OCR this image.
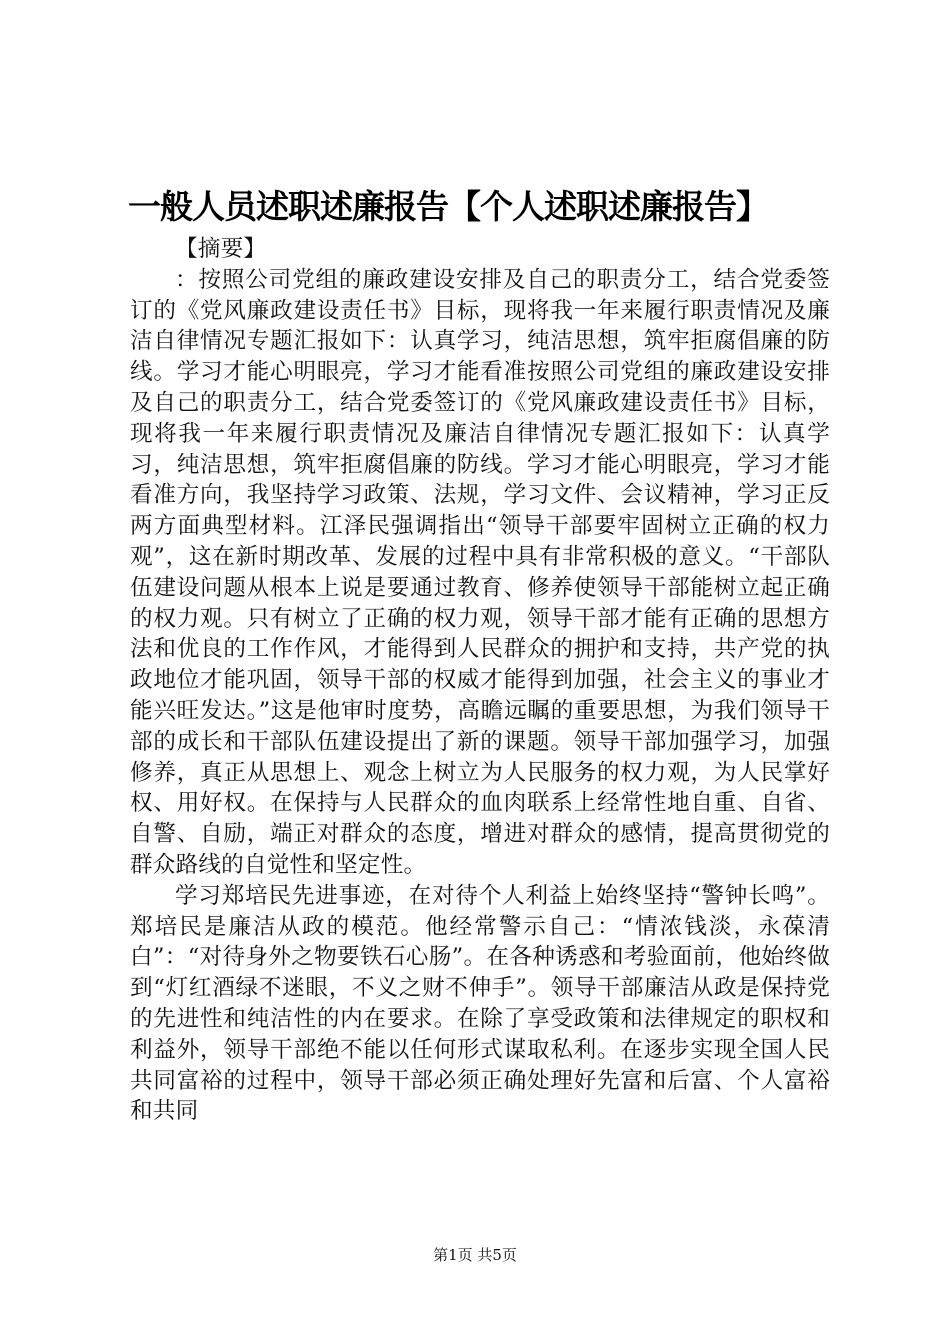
一般人员述职述廉报告【个人述职述廉报告】

【摘要】

：按照公司党组的廉政建设安排及自己的职责分工，结合党委签订的《党风廉政建设责任书》目标，现将我一年来履行职责情况及廉洁自律情况专题汇报如下：认真学习，纯洁思想，筑牢拒腐倡廉的防线。学习才能心明眼亮，学习才能看准按照公司党组的廉政建设安排及自己的职责分工，结合党委签订的《党风廉政建设责任书》目标，现将我一年来履行职责情况及廉洁自律情况专题汇报如下：认真学习，纯洁思想，筑牢拒腐倡廉的防线。学习才能心明眼亮，学习才能看准方向，我坚持学习政策、法规，学习文件、会议精神，学习正反两方面典型材料。江泽民强调指出“领导干部要牢固树立正确的权力观”，这在新时期改革、发展的过程中具有非常积极的意义。“干部队伍建设问题从根本上说是要通过教育、修养使领导干部能树立起正确的权力观。只有树立了正确的权力观，领导干部才能有正确的思想方法和优良的工作作风，才能得到人民群众的拥护和支持，共产党的执政地位才能巩固，领导干部的权威才能得到加强，社会主义的事业才能兴旺发达。”这是他审时度势，高瞻远瞩的重要思想，为我们领导干部的成长和干部队伍建设提出了新的课题。领导干部加强学习，加强修养，真正从思想上、观念上树立为人民服务的权力观，为人民掌好权、用好权。在保持与人民群众的血肉联系上经常性地自重、自省、自警、自励，端正对群众的态度，增进对群众的感情，提高贯彻党的群众路线的自觉性和坚定性。

学习郑培民先进事迹，在对待个人利益上始终坚持“警钟长鸣”。郑培民是廉洁从政的模范。他经常警示自己：“情浓钱淡，永葆清白”：“对待身外之物要铁石心肠”。在各种诱惑和考验面前，他始终做到“灯红酒绿不迷眼，不义之财不伸手”。领导干部廉洁从政是保持党的先进性和纯洁性的内在要求。在除了享受政策和法律规定的职权和利益外，领导干部绝不能以任何形式谋取私利。在逐步实现全国人民共同富裕的过程中，领导干部必须正确处理好先富和后富、个人富裕和共同

第1页 共5页
